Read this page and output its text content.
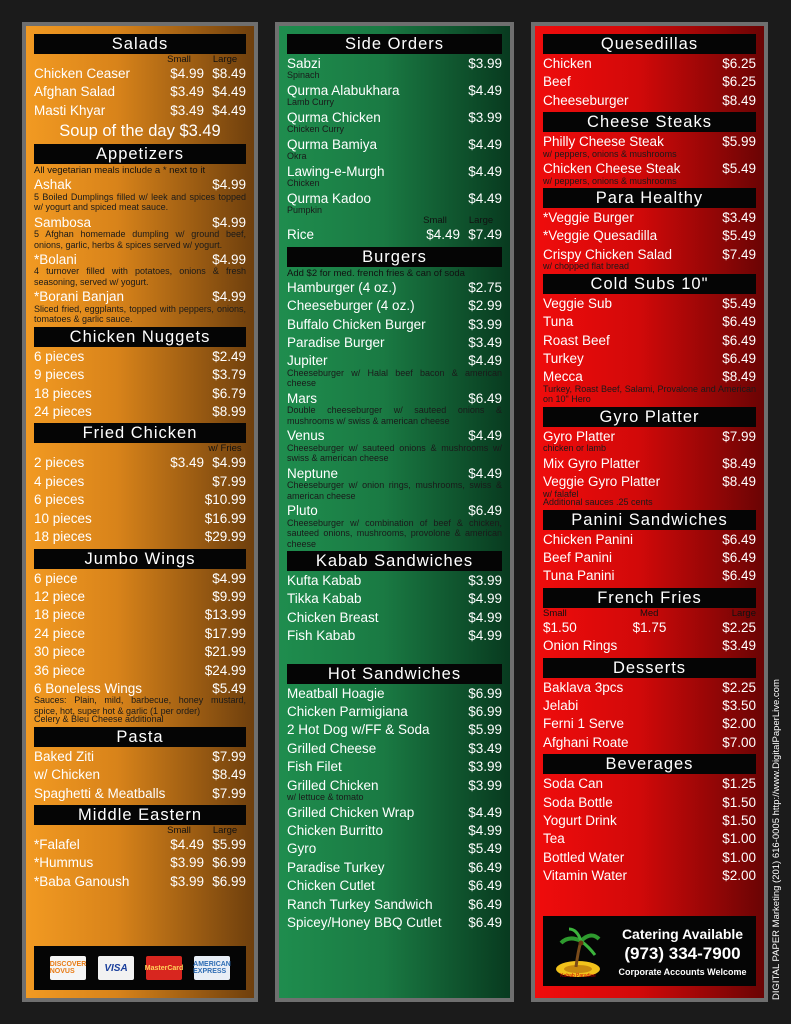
Salads
Small	Large
Chicken Ceaser	$4.99 $8.49
Afghan Salad	$3.49 $4.49
Masti Khyar	$3.49 $4.49
Soup of the day $3.49
Appetizers
All vegetarian meals include a * next to it
Ashak	$4.99
5 Boiled Dumplings filled w/ leek and spices topped w/ yogurt and spiced meat sauce.
Sambosa	$4.99
5 Afghan homemade dumpling w/ ground beef, onions, garlic, herbs & spices served w/ yogurt.
*Bolani	$4.99
4 turnover filled with potatoes, onions & fresh seasoning, served w/ yogurt.
*Borani Banjan	$4.99
Sliced fried, eggplants, topped with peppers, onions, tomatoes & garlic sauce.
Chicken Nuggets
6 pieces	$2.49
9 pieces	$3.79
18 pieces	$6.79
24 pieces	$8.99
Fried Chicken
w/ Fries
2 pieces	$3.49 $4.99
4 pieces	$7.99
6 pieces	$10.99
10 pieces	$16.99
18 pieces	$29.99
Jumbo Wings
6 piece	$4.99
12 piece	$9.99
18 piece	$13.99
24 piece	$17.99
30 piece	$21.99
36 piece	$24.99
6 Boneless Wings	$5.49
Sauces: Plain, mild, barbecue, honey mustard, spice, hot, super hot & garlic (1 per order)
Celery & Bleu Cheese additional
Pasta
Baked Ziti	$7.99
w/ Chicken	$8.49
Spaghetti & Meatballs	$7.99
Middle Eastern
Small	Large
*Falafel	$4.49 $5.99
*Hummus	$3.99 $6.99
*Baba Ganoush	$3.99 $6.99
DISCOVER NOVUS	VISA	MasterCard AMERICAN EXPRESS
Side Orders
Sabzi	$3.99
Spinach
Qurma Alabukhara	$4.49
Lamb Curry
Qurma Chicken	$3.99
Chicken Curry
Qurma Bamiya	$4.49
Okra
Lawing-e-Murgh	$4.49
Chicken
Qurma Kadoo	$4.49
Pumpkin
Small	Large
Rice	$4.49 $7.49
Burgers
Add $2 for med. french fries & can of soda
Hamburger (4 oz.)	$2.75
Cheeseburger (4 oz.)	$2.99
Buffalo Chicken Burger	$3.99
Paradise Burger	$3.49
Jupiter	$4.49
Cheeseburger w/ Halal beef bacon & american cheese
Mars	$6.49
Double cheeseburger w/ sauteed onions & mushrooms w/ swiss & american cheese
Venus	$4.49
Cheeseburger w/ sauteed onions & mushrooms w/ swiss & american cheese
Neptune	$4.49
Cheeseburger w/ onion rings, mushrooms, swiss & american cheese
Pluto	$6.49
Cheeseburger w/ combination of beef & chicken, sauteed onions, mushrooms, provolone & american cheese
Kabab Sandwiches
Kufta Kabab	$3.99
Tikka Kabab	$4.99
Chicken Breast	$4.99
Fish Kabab	$4.99
Hot Sandwiches
Meatball Hoagie	$6.99
Chicken Parmigiana	$6.99
2 Hot Dog w/FF & Soda	$5.99
Grilled Cheese	$3.49
Fish Filet	$3.99
Grilled Chicken	$3.99
w/ lettuce & tomato
Grilled Chicken Wrap	$4.49
Chicken Burritto	$4.99
Gyro	$5.49
Paradise Turkey	$6.49
Chicken Cutlet	$6.49
Ranch Turkey Sandwich	$6.49
Spicey/Honey BBQ Cutlet	$6.49
Quesedillas
Chicken	$6.25
Beef	$6.25
Cheeseburger	$8.49
Cheese Steaks
Philly Cheese Steak	$5.99
w/ peppers, onions & mushrooms
Chicken Cheese Steak	$5.49
w/ peppers, onions & mushrooms
Para Healthy
*Veggie Burger	$3.49
*Veggie Quesadilla	$5.49
Crispy Chicken Salad	$7.49
w/ chopped flat bread
Cold Subs 10"
Veggie Sub	$5.49
Tuna	$6.49
Roast Beef	$6.49
Turkey	$6.49
Mecca	$8.49
Turkey, Roast Beef, Salami, Provalone and American on 10" Hero
Gyro Platter
Gyro Platter	$7.99
chicken or lamb
Mix Gyro Platter	$8.49
Veggie Gyro Platter	$8.49
w/ falafel
Additional sauces .25 cents
Panini Sandwiches
Chicken Panini	$6.49
Beef Panini	$6.49
Tuna Panini	$6.49
French Fries
Small	Med	Large
$1.50	$1.75	$2.25
Onion Rings	$3.49
Desserts
Baklava 3pcs	$2.25
Jelabi	$3.50
Ferni 1 Serve	$2.00
Afghani Roate	$7.00
Beverages
Soda Can	$1.25
Soda Bottle	$1.50
Yogurt Drink	$1.50
Tea	$1.00
Bottled Water	$1.00
Vitamin Water	$2.00
Kabab Paradise
Catering Available
(973) 334-7900
Corporate Accounts Welcome	DIGITAL PAPER Marketing (201) 616-0005 http://www.DigitalPaperLive.com
